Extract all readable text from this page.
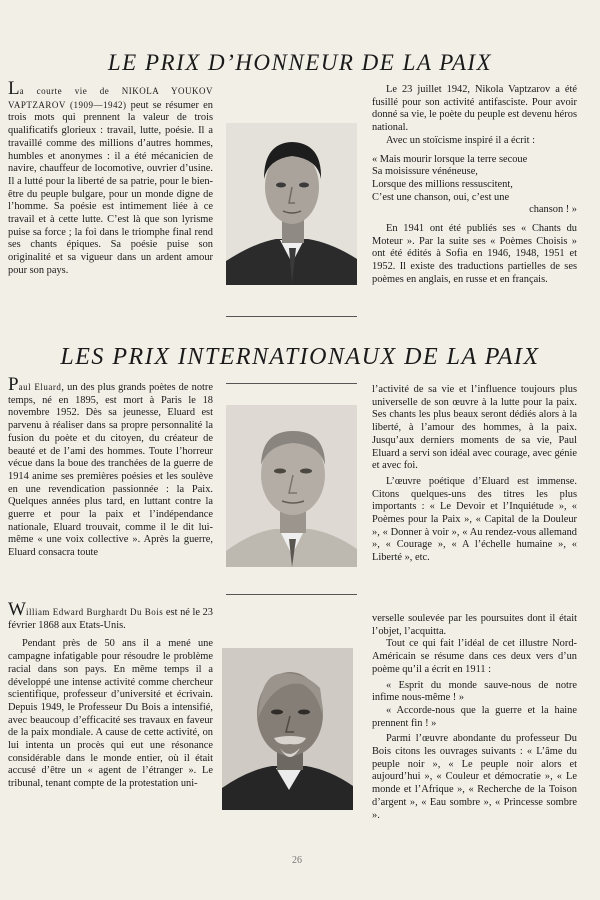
LE PRIX D’HONNEUR DE LA PAIX

La courte vie de NIKOLA YOUKOV VAPTZAROV (1909—1942) peut se résumer en trois mots qui prennent la valeur de trois qualificatifs glorieux : travail, lutte, poésie. Il a travaillé comme des millions d’autres hommes, humbles et anonymes : il a été mécanicien de navire, chauffeur de locomotive, ouvrier d’usine. Il a lutté pour la liberté de sa patrie, pour le bien-être du peuple bulgare, pour un monde digne de l’homme. Sa poésie est intimement liée à ce travail et à cette lutte. C’est là que son lyrisme puise sa force ; la foi dans le triomphe final rend ses chants épiques. Sa poésie puise son originalité et sa vigueur dans un ardent amour pour son pays.

Le 23 juillet 1942, Nikola Vaptzarov a été fusillé pour son activité antifasciste. Pour avoir donné sa vie, le poète du peuple est devenu héros national.

Avec un stoïcisme inspiré il a écrit :

« Mais mourir lorsque la terre secoue
Sa moisissure vénéneuse,
Lorsque des millions ressuscitent,
C’est une chanson, oui, c’est une
chanson ! »

En 1941 ont été publiés ses « Chants du Moteur ». Par la suite ses « Poèmes Choisis » ont été édités à Sofia en 1946, 1948, 1951 et 1952. Il existe des traductions partielles de ses poèmes en anglais, en russe et en français.

LES PRIX INTERNATIONAUX DE LA PAIX

Paul Eluard, un des plus grands poètes de notre temps, né en 1895, est mort à Paris le 18 novembre 1952. Dès sa jeunesse, Eluard est parvenu à réaliser dans sa propre personnalité la fusion du poète et du citoyen, du créateur de beauté et de l’ami des hommes. Toute l’horreur vécue dans la boue des tranchées de la guerre de 1914 anime ses premières poésies et les soulève en une revendication passionnée : la Paix. Quelques années plus tard, en luttant contre la guerre et pour la paix et l’indépendance nationale, Eluard trouvait, comme il le dit lui-même « une voix collective ». Après la guerre, Eluard consacra toute

l’activité de sa vie et l’influence toujours plus universelle de son œuvre à la lutte pour la paix. Ses chants les plus beaux seront dédiés alors à la liberté, à l’amour des hommes, à la paix. Jusqu’aux derniers moments de sa vie, Paul Eluard a servi son idéal avec courage, avec génie et avec foi.

L’œuvre poétique d’Eluard est immense. Citons quelques-uns des titres les plus importants : « Le Devoir et l’Inquiétude », « Poèmes pour la Paix », « Capital de la Douleur », « Donner à voir », « Au rendez-vous allemand », « Courage », « A l’échelle humaine », « Liberté », etc.

William Edward Burghardt Du Bois est né le 23 février 1868 aux Etats-Unis.

Pendant près de 50 ans il a mené une campagne infatigable pour résoudre le problème racial dans son pays. En même temps il a développé une intense activité comme chercheur scientifique, professeur d’université et écrivain. Depuis 1949, le Professeur Du Bois a intensifié, avec beaucoup d’efficacité ses travaux en faveur de la paix mondiale. A cause de cette activité, on lui intenta un procès qui eut une résonance considérable dans le monde entier, où il était accusé d’être un « agent de l’étranger ». Le tribunal, tenant compte de la protestation uni-

verselle soulevée par les poursuites dont il était l’objet, l’acquitta.

Tout ce qui fait l’idéal de cet illustre Nord-Américain se résume dans ces deux vers d’un poème qu’il a écrit en 1911 :

« Esprit du monde sauve-nous de notre infime nous-même ! »

« Accorde-nous que la guerre et la haine prennent fin ! »

Parmi l’œuvre abondante du professeur Du Bois citons les ouvrages suivants : « L’âme du peuple noir », « Le peuple noir alors et aujourd’hui », « Couleur et démocratie », « Le monde et l’Afrique », « Recherche de la Toison d’argent », « Eau sombre », « Princesse sombre ».

26
